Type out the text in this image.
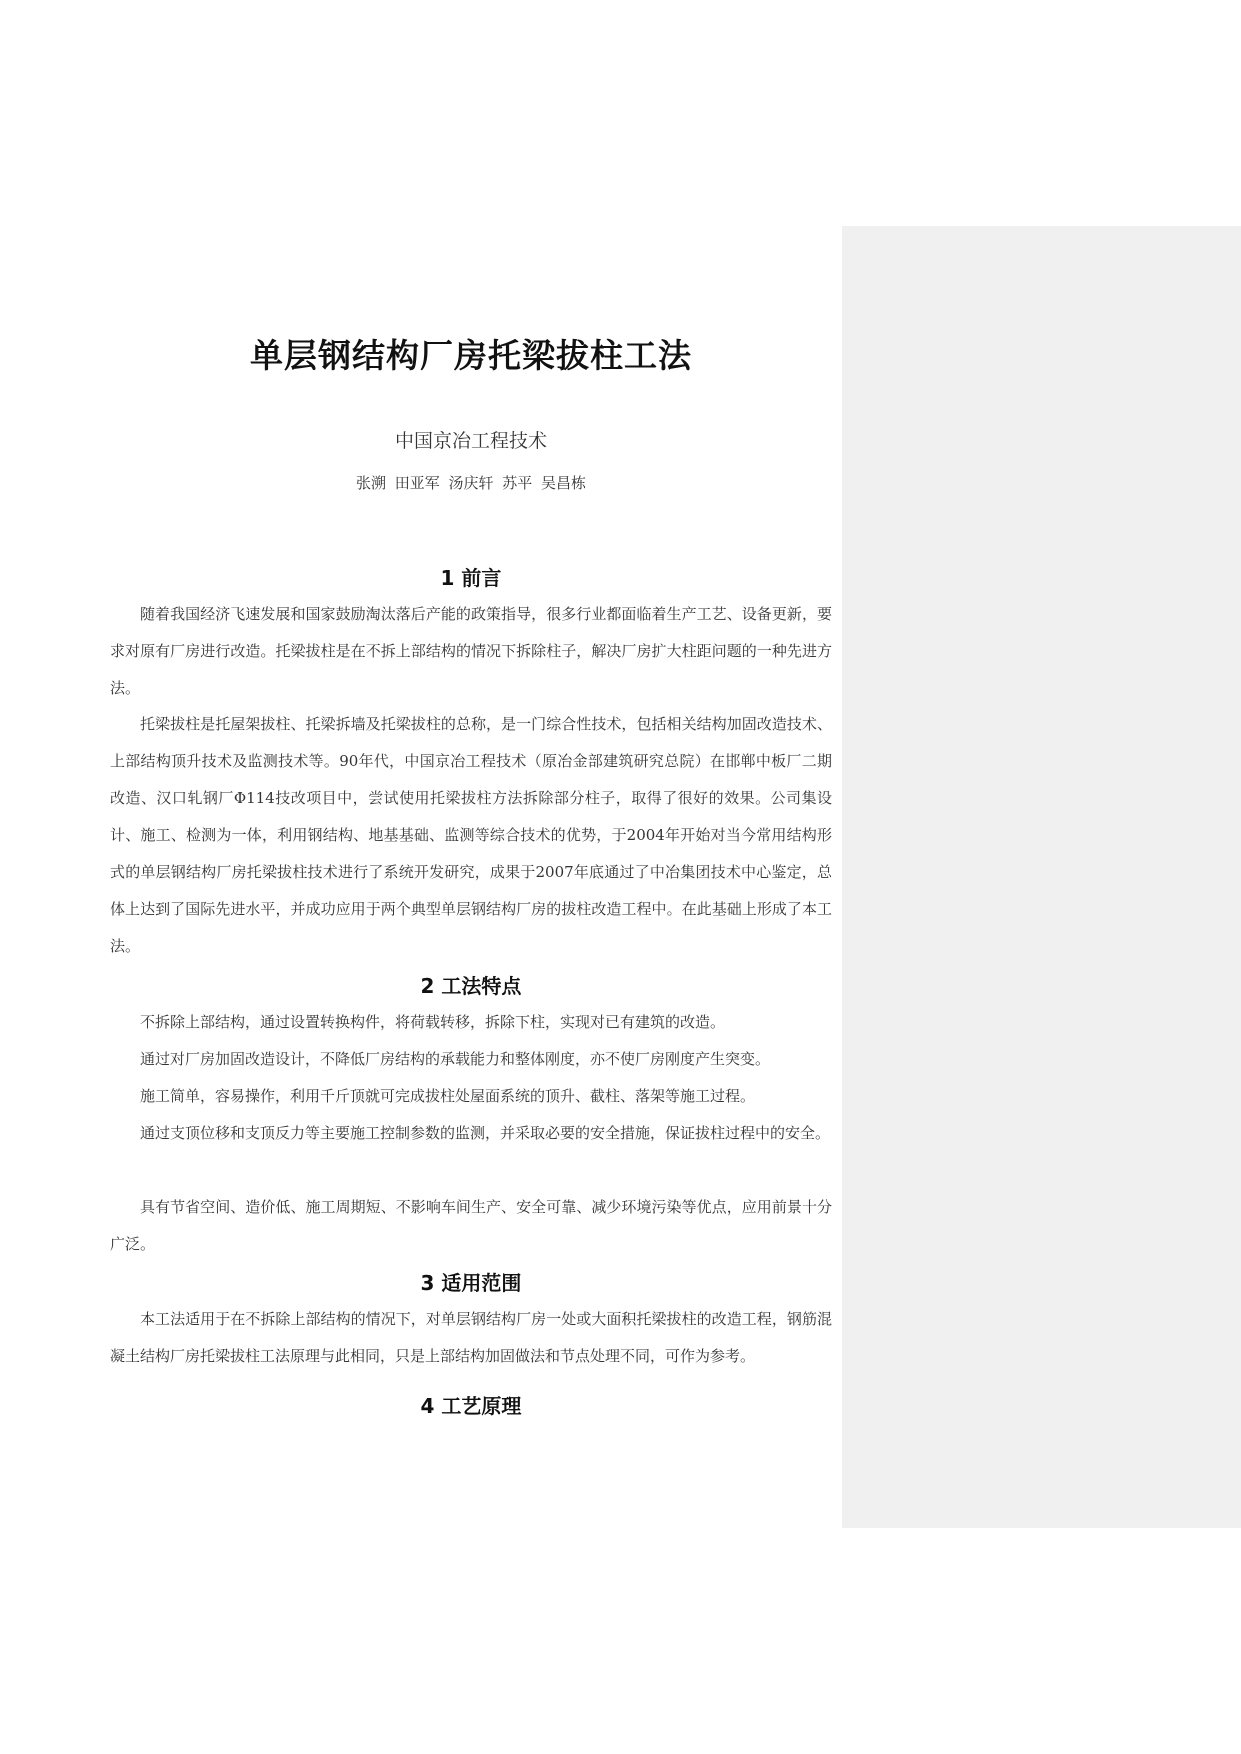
单层钢结构厂房托梁拔柱工法
中国京冶工程技术
张溯 田亚军 汤庆轩 苏平 吴昌栋
1 前言
随着我国经济飞速发展和国家鼓励淘汰落后产能的政策指导，很多行业都面临着生产工艺、设备更新，要求对原有厂房进行改造。托梁拔柱是在不拆上部结构的情况下拆除柱子，解决厂房扩大柱距问题的一种先进方法。
托梁拔柱是托屋架拔柱、托梁拆墙及托梁拔柱的总称，是一门综合性技术，包括相关结构加固改造技术、上部结构顶升技术及监测技术等。90年代，中国京冶工程技术（原冶金部建筑研究总院）在邯郸中板厂二期改造、汉口轧钢厂Φ114技改项目中，尝试使用托梁拔柱方法拆除部分柱子，取得了很好的效果。公司集设计、施工、检测为一体，利用钢结构、地基基础、监测等综合技术的优势，于2004年开始对当今常用结构形式的单层钢结构厂房托梁拔柱技术进行了系统开发研究，成果于2007年底通过了中冶集团技术中心鉴定，总体上达到了国际先进水平，并成功应用于两个典型单层钢结构厂房的拔柱改造工程中。在此基础上形成了本工法。
2 工法特点
不拆除上部结构，通过设置转换构件，将荷载转移，拆除下柱，实现对已有建筑的改造。
通过对厂房加固改造设计，不降低厂房结构的承载能力和整体刚度，亦不使厂房刚度产生突变。
施工简单，容易操作，利用千斤顶就可完成拔柱处屋面系统的顶升、截柱、落架等施工过程。
通过支顶位移和支顶反力等主要施工控制参数的监测，并采取必要的安全措施，保证拔柱过程中的安全。
具有节省空间、造价低、施工周期短、不影响车间生产、安全可靠、减少环境污染等优点，应用前景十分广泛。
3 适用范围
本工法适用于在不拆除上部结构的情况下，对单层钢结构厂房一处或大面积托梁拔柱的改造工程，钢筋混凝土结构厂房托梁拔柱工法原理与此相同，只是上部结构加固做法和节点处理不同，可作为参考。
4 工艺原理
